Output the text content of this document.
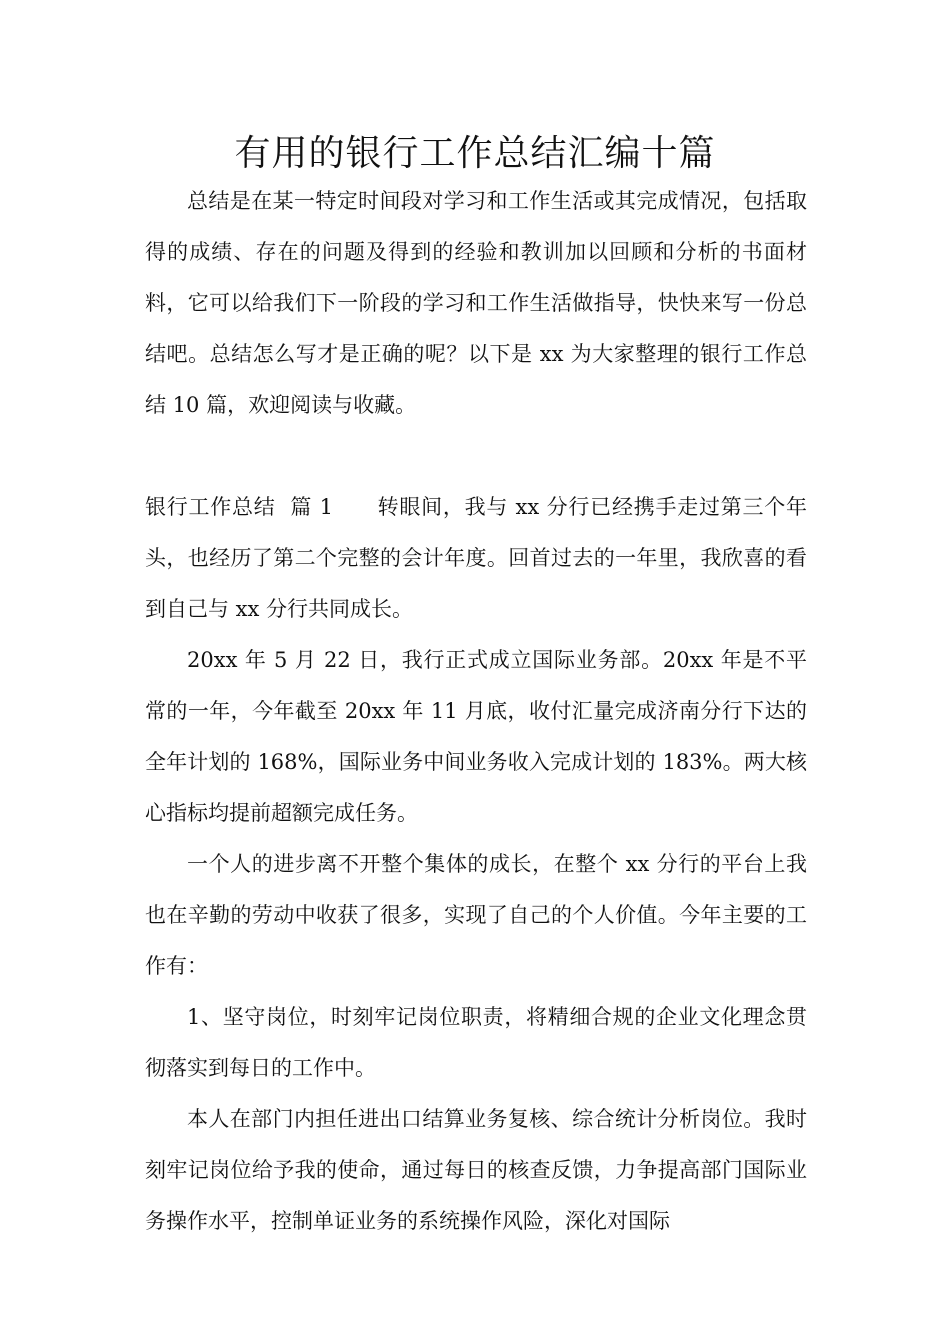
有用的银行工作总结汇编十篇

总结是在某一特定时间段对学习和工作生活或其完成情况，包括取得的成绩、存在的问题及得到的经验和教训加以回顾和分析的书面材料，它可以给我们下一阶段的学习和工作生活做指导，快快来写一份总结吧。总结怎么写才是正确的呢？以下是 xx 为大家整理的银行工作总结 10 篇，欢迎阅读与收藏。

银行工作总结  篇 1 转眼间，我与 xx 分行已经携手走过第三个年头，也经历了第二个完整的会计年度。回首过去的一年里，我欣喜的看到自己与 xx 分行共同成长。

20xx 年 5 月 22 日，我行正式成立国际业务部。20xx 年是不平常的一年，今年截至 20xx 年 11 月底，收付汇量完成济南分行下达的全年计划的 168%，国际业务中间业务收入完成计划的 183%。两大核心指标均提前超额完成任务。

一个人的进步离不开整个集体的成长，在整个 xx 分行的平台上我也在辛勤的劳动中收获了很多，实现了自己的个人价值。今年主要的工作有：

1、坚守岗位，时刻牢记岗位职责，将精细合规的企业文化理念贯彻落实到每日的工作中。

本人在部门内担任进出口结算业务复核、综合统计分析岗位。我时刻牢记岗位给予我的使命，通过每日的核查反馈，力争提高部门国际业务操作水平，控制单证业务的系统操作风险，深化对国际
